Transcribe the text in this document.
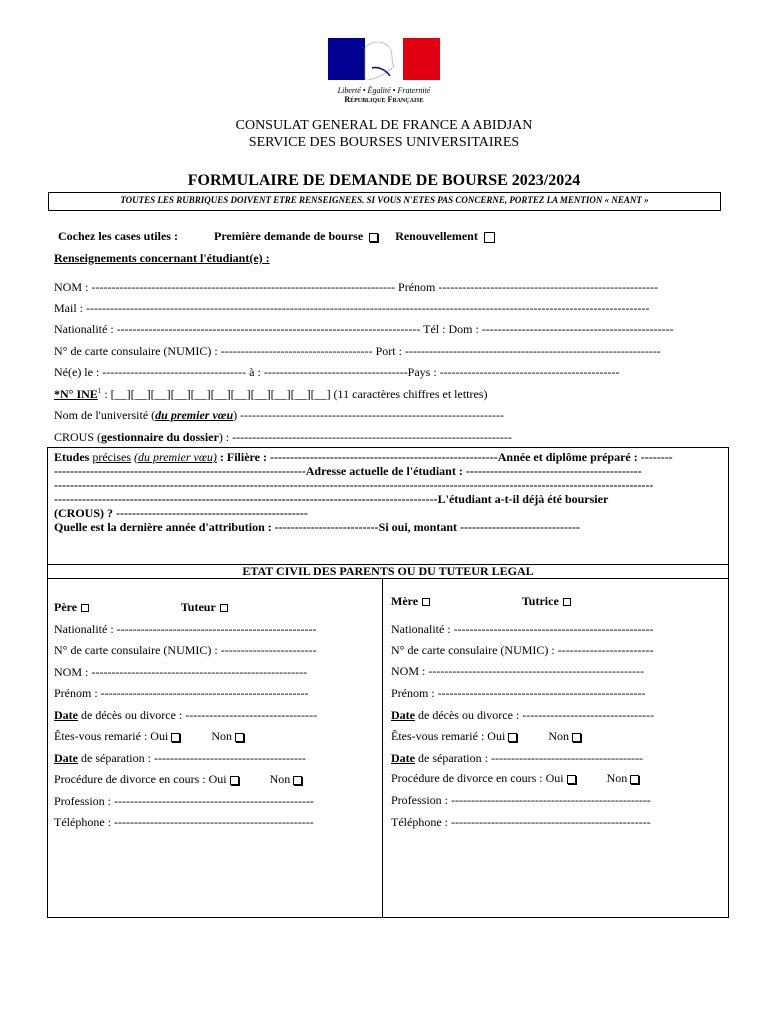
Liberté • Égalité • Fraternité
République Française
CONSULAT GENERAL DE FRANCE A ABIDJAN
SERVICE DES BOURSES UNIVERSITAIRES
FORMULAIRE DE DEMANDE DE BOURSE 2023/2024
TOUTES LES RUBRIQUES DOIVENT ETRE RENSEIGNEES. SI VOUS N'ETES PAS CONCERNE, PORTEZ LA MENTION « NEANT »
Cochez les cases utiles :	Première demande de bourse	Renouvellement
Renseignements concernant l'étudiant(e) :
NOM : ---------------------------------------------------------------------------- Prénom -------------------------------------------------------
Mail : ---------------------------------------------------------------------------------------------------------------------------------------------
Nationalité : ---------------------------------------------------------------------------- Tél : Dom : ------------------------------------------------
N° de carte consulaire (NUMIC) : -------------------------------------- Port : ----------------------------------------------------------------
Né(e) le : ------------------------------------ à : ------------------------------------Pays : ---------------------------------------------
*N° INE$^1$ : [__][__][__][__][__][__][__][__][__][__][__] (11 caractères chiffres et lettres)
Nom de l'université (du premier vœu) ------------------------------------------------------------------
CROUS (gestionnaire du dossier) : ----------------------------------------------------------------------
Etudes précises (du premier vœu) : Filière : ---------------------------------------------------------Année et diplôme préparé : --------
---------------------------------------------------------------Adresse actuelle de l'étudiant : --------------------------------------------
------------------------------------------------------------------------------------------------------------------------------------------------------
------------------------------------------------------------------------------------------------L'étudiant a-t-il déjà été boursier
(CROUS) ? ------------------------------------------------
Quelle est la dernière année d'attribution : --------------------------Si oui, montant ------------------------------
ETAT CIVIL DES PARENTS OU DU TUTEUR LEGAL
Père	Tuteur
Nationalité : --------------------------------------------------
N° de carte consulaire (NUMIC) : ------------------------
NOM : ------------------------------------------------------
Prénom : ----------------------------------------------------
Date de décès ou divorce : ---------------------------------
Êtes-vous remarié : Oui	Non
Date de séparation : --------------------------------------
Procédure de divorce en cours : Oui	Non
Profession : --------------------------------------------------
Téléphone : --------------------------------------------------
Mère	Tutrice
Nationalité : --------------------------------------------------
N° de carte consulaire (NUMIC) : ------------------------
NOM : ------------------------------------------------------
Prénom : ----------------------------------------------------
Date de décès ou divorce : ---------------------------------
Êtes-vous remarié : Oui	Non
Date de séparation : --------------------------------------
Procédure de divorce en cours : Oui	Non
Profession : --------------------------------------------------
Téléphone : --------------------------------------------------
